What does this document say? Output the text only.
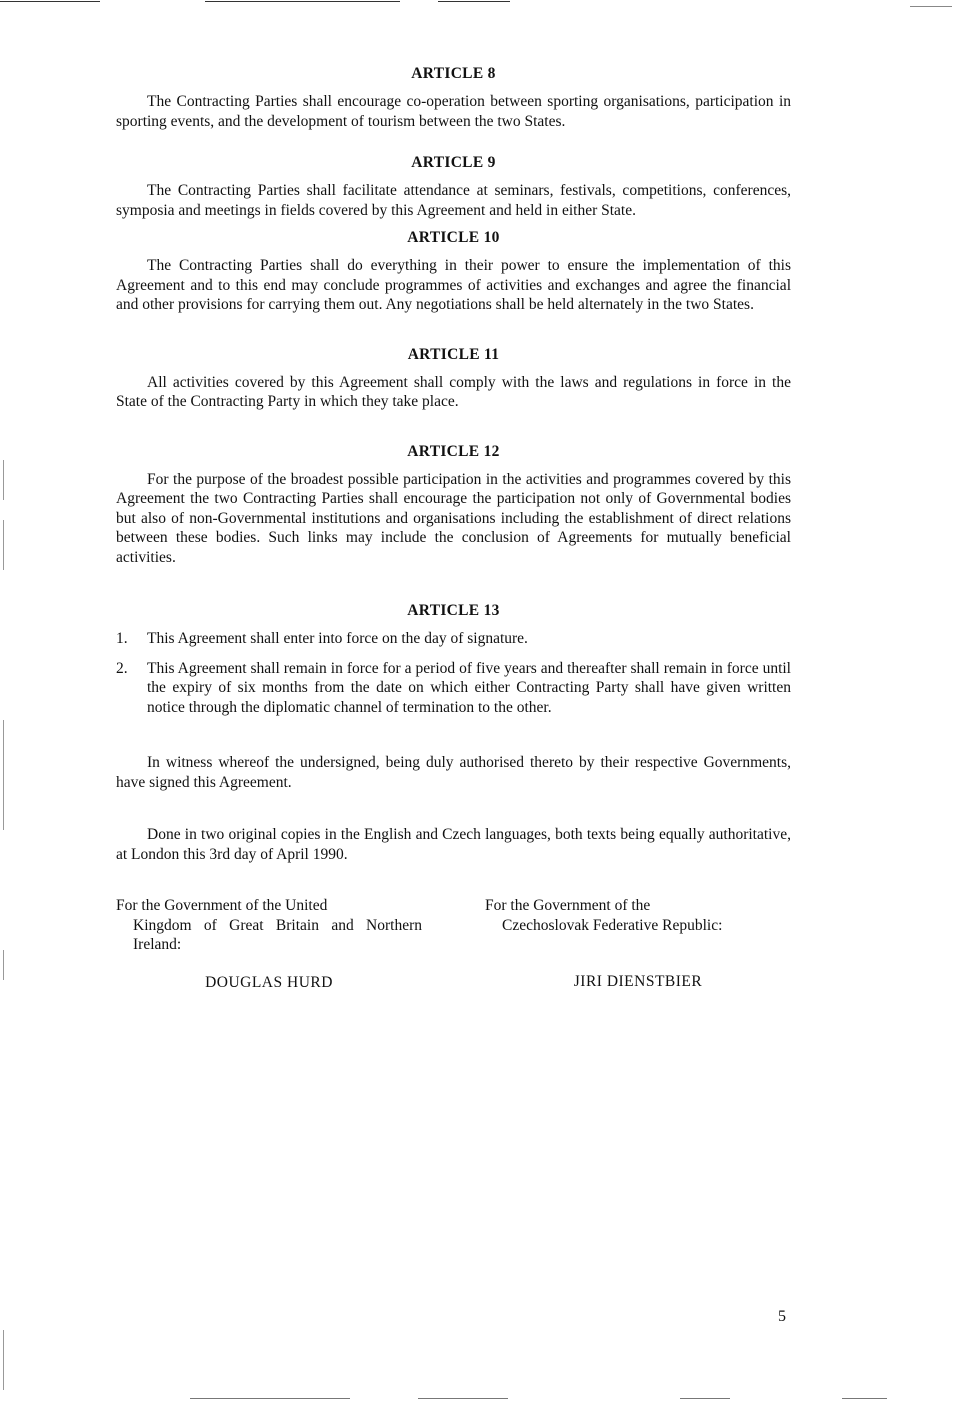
ARTICLE 8

The Contracting Parties shall encourage co-operation between sporting organisations, participation in sporting events, and the development of tourism between the two States.

ARTICLE 9

The Contracting Parties shall facilitate attendance at seminars, festivals, competitions, conferences, symposia and meetings in fields covered by this Agreement and held in either State.

ARTICLE 10

The Contracting Parties shall do everything in their power to ensure the implementation of this Agreement and to this end may conclude programmes of activities and exchanges and agree the financial and other provisions for carrying them out. Any negotiations shall be held alternately in the two States.

ARTICLE 11

All activities covered by this Agreement shall comply with the laws and regulations in force in the State of the Contracting Party in which they take place.

ARTICLE 12

For the purpose of the broadest possible participation in the activities and programmes covered by this Agreement the two Contracting Parties shall encourage the participation not only of Governmental bodies but also of non-Governmental institutions and organisations including the establishment of direct relations between these bodies. Such links may include the conclusion of Agreements for mutually beneficial activities.

ARTICLE 13
1.	This Agreement shall enter into force on the day of signature.
2.	This Agreement shall remain in force for a period of five years and thereafter shall remain in force until the expiry of six months from the date on which either Contracting Party shall have given written notice through the diplomatic channel of termination to the other.

In witness whereof the undersigned, being duly authorised thereto by their respective Governments, have signed this Agreement.

Done in two original copies in the English and Czech languages, both texts being equally authoritative, at London this 3rd day of April 1990.

For the Government of the United
Kingdom of Great Britain and Northern Ireland:
DOUGLAS HURD
For the Government of the
Czechoslovak Federative Republic:
JIRI DIENSTBIER
5
